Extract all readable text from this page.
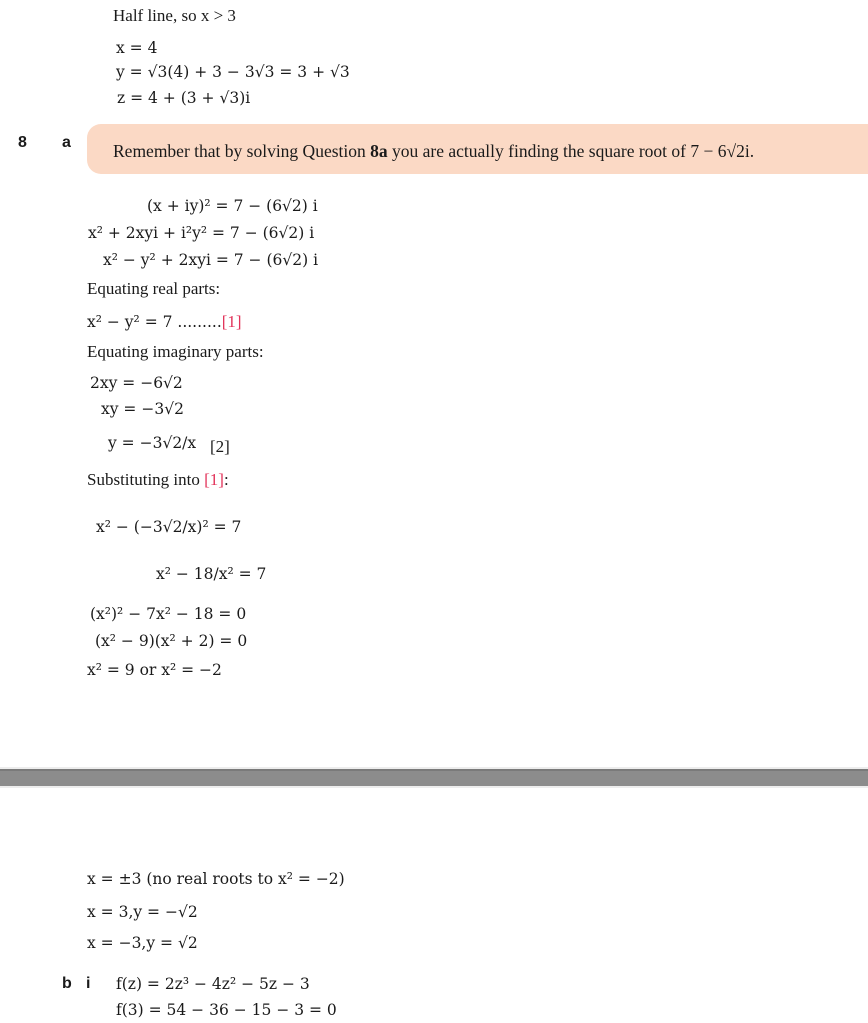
Half line, so x > 3
x = 4
y = √3(4) + 3 − 3√3 = 3 + √3
z = 4 + (3 + √3)i
8 a Remember that by solving Question 8a you are actually finding the square root of 7 − 6√2i.
(x + iy)² = 7 − (6√2) i
x² + 2xyi + i²y² = 7 − (6√2) i
x² − y² + 2xyi = 7 − (6√2) i
Equating real parts:
x² − y² = 7 .........[1]
Equating imaginary parts:
2xy = −6√2
xy = −3√2
y = −3√2/x [2]
Substituting into [1]:
x² − (−3√2/x)² = 7
x² − 18/x² = 7
(x²)² − 7x² − 18 = 0
(x² − 9)(x² + 2) = 0
x² = 9 or x² = −2
x = ±3 (no real roots to x² = −2)
x = 3,y = −√2
x = −3,y = √2
b i f(z) = 2z³ − 4z² − 5z − 3
f(3) = 54 − 36 − 15 − 3 = 0
